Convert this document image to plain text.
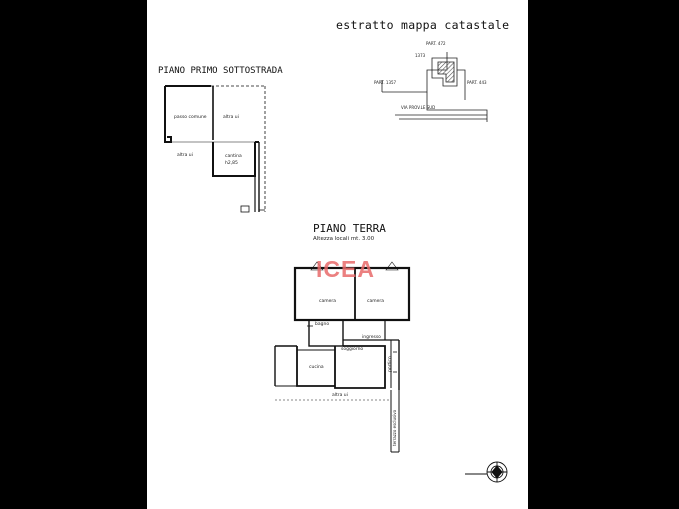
estratto mappa catastale
PART. 472
1373
PART. 1357	PART. 443
VIA PROV.LE SUD
PIANO PRIMO SOTTOSTRADA
passo comune	altra ui
altra ui	cantina
h2,85
PIANO TERRA
Altezza locali mt. 3.00
camera	camera
bagno
ingresso
soggiorno
cucina	portico
altra ui
terrazzo esclusivo
ICEA
